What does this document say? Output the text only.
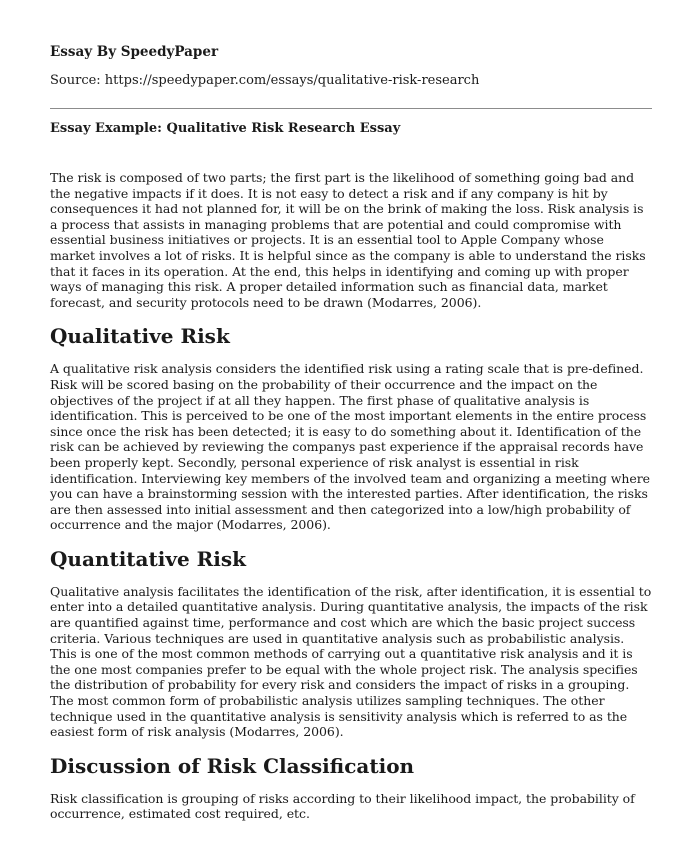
Essay By SpeedyPaper

Source: https://speedypaper.com/essays/qualitative-risk-research

Essay Example: Qualitative Risk Research Essay

The risk is composed of two parts; the first part is the likelihood of something going bad and the negative impacts if it does. It is not easy to detect a risk and if any company is hit by consequences it had not planned for, it will be on the brink of making the loss. Risk analysis is a process that assists in managing problems that are potential and could compromise with essential business initiatives or projects. It is an essential tool to Apple Company whose market involves a lot of risks. It is helpful since as the company is able to understand the risks that it faces in its operation. At the end, this helps in identifying and coming up with proper ways of managing this risk. A proper detailed information such as financial data, market forecast, and security protocols need to be drawn (Modarres, 2006).

Qualitative Risk

A qualitative risk analysis considers the identified risk using a rating scale that is pre-defined. Risk will be scored basing on the probability of their occurrence and the impact on the objectives of the project if at all they happen. The first phase of qualitative analysis is identification. This is perceived to be one of the most important elements in the entire process since once the risk has been detected; it is easy to do something about it. Identification of the risk can be achieved by reviewing the companys past experience if the appraisal records have been properly kept. Secondly, personal experience of risk analyst is essential in risk identification. Interviewing key members of the involved team and organizing a meeting where you can have a brainstorming session with the interested parties. After identification, the risks are then assessed into initial assessment and then categorized into a low/high probability of occurrence and the major (Modarres, 2006).

Quantitative Risk

Qualitative analysis facilitates the identification of the risk, after identification, it is essential to enter into a detailed quantitative analysis. During quantitative analysis, the impacts of the risk are quantified against time, performance and cost which are which the basic project success criteria. Various techniques are used in quantitative analysis such as probabilistic analysis. This is one of the most common methods of carrying out a quantitative risk analysis and it is the one most companies prefer to be equal with the whole project risk. The analysis specifies the distribution of probability for every risk and considers the impact of risks in a grouping. The most common form of probabilistic analysis utilizes sampling techniques. The other technique used in the quantitative analysis is sensitivity analysis which is referred to as the easiest form of risk analysis (Modarres, 2006).

Discussion of Risk Classification

Risk classification is grouping of risks according to their likelihood impact, the probability of occurrence, estimated cost required, etc.
